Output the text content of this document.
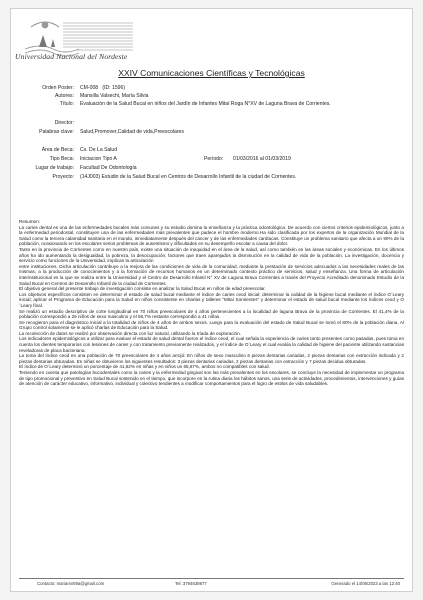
Universidad Nacional del Nordeste
XXIV Comunicaciones Científicas y Tecnológicas
Orden Poster: CM-008 (ID: 1596)
Autores: Mansilla Valsechi, María Silvia
Título: Evaluación de la Salud Bucal en niños del Jardín de Infantes Mitaí Roga N°XV de Laguna Brava de Corrientes.
Director:
Palabras clave: Salud,Promover,Calidad de vida,Preescolares
Área de Beca: Cs. De La Salud
Tipo Beca: Iniciacion Tipo A	Período: 01/03/2016 al 01/03/2019
Lugar de trabajo: Facultad De Odontología
Proyecto: (14J003) Estudio de la Salud Bucal en Centros de Desarrollo Infantil de la ciudad de Corrientes.

Resumen:

La caries dental es una de las enfermedades bucales más comunes y su estudio domina la enseñanza y la práctica odontológica. De acuerdo con ciertos criterios epidemiológicos, junto a la enfermedad periodontal, constituyen una de las enfermedades más prevalentes que padece el hombre moderno.Ha sido clasificada por los expertos de la organización Mundial de la Salud como la tercera calamidad sanitaria en el mundo, inmediatamente después del cáncer y de las enfermedades cardíacas. Constituye un problema sanitario que afecta a un 90% de la población, ocasionando en los escolares serios problemas de ausentismo y dificultades en su desempeño escolar a causa del dolor.

Tanto en la provincia de Corrientes como en nuestro país, existe una situación de inequidad en el área de la salud, así como también en las áreas sociales y económicas. En los últimos años ha ido aumentando la desigualdad, la pobreza, la desocupación, factores que traen aparejados la disminución en la calidad de vida de la población. La investigación, docencia y servicio como funciones de la Universidad, implican la articulación

entre instituciones. Dicha articulación contribuye a la mejora de las condiciones de vida de la comunidad, mediante la prestación de servicios adecuados a las necesidades reales de las mismas, a la producción de conocimientos y a la formación de recursos humanos en un determinado contexto práctico de servicios, salud y enseñanza. Una forma de articulación interinstitucional es la que se realiza entre la Universidad y el Centro de Desarrollo Infantil N° XV de Laguna Brava Corrientes a través del Proyecto Acreditado denominado Estudio de la Salud Bucal en Centros de Desarrollo Infantil de la ciudad de Corrientes.

El objetivo general del presente trabajo de investigación consiste en analizar la Salud Bucal en niños de edad preescolar.

Los objetivos específicos consisten en determinar el estado de salud bucal mediante el índice de caries ceod inicial; determinar la calidad de la higiene bucal mediante el índice O´Leary inicial; aplicar el Programa de Educación para la Salud en niños consistente en charlas y talleres "Mitaí Sonrientes" y determinar el estado de salud bucal mediante los índices ceod y O´Leary final.

Se realizó un estudio descriptivo de corte longitudinal en 70 niños preescolares de 4 años pertenecientes a la localidad de laguna Brava de la provincia de Corrientes. El 41,4% de la población correspondió a 29 niños de sexo masculino y el 58,7% restante correspondió a 41 niñas.

Se recogieron para el diagnóstico inicial a la totalidad de niños de 4 años de ambos sexos. Luego para la evaluación del estado de Salud Bucal se tomó el 80% de la población diana. Al Grupo control solamente se le aplicó charlas de Educación para la Salud.

La recolección de datos se realizó por observación directa con luz natural, utilizando la tríada de exploración.

Los indicadores epidemiológicos a utilizar para evaluar el estado de salud dental fueron el índice ceod, el cual señala la experiencia de caries tanto presentes como pasadas, pues toma en cuenta los dientes temporarios con lesiones de caries y con tratamiento previamente realizados, y el índice de O´Leary el cual evalúa la calidad de higiene del paciente utilizando sustancias reveladoras de placa bacteriana.

La toma del índice ceod en una población de 70 preescolares de 4 años arrojó: En niños de sexo masculino 6 piezas dentarias cariadas, 2 piezas dentarias con extracción indicada y 2 piezas dentarias obturadas. En niñas se obtuvieron los siguientes resultados: 3 piezas dentarias cariadas, 2 piezas dentarias con extracción y 7 piezas decidua obturadas.

El índice de O´Leary determinó un porcentaje de 41,62% en niñas y en niños un 65,67%, ambos no compatibles con salud.

Teniendo en cuenta que patologías bucodentales como la caries y la enfermedad gingival son las más prevalentes en los escolares, se concluye la necesidad de implementar un programa de tipo promocional y preventivo en Salud Bucal sostenido en el tiempo, que incorpore en la rutina diaria los hábitos sanos, una serie de actividades, procedimientos, intervenciones y guías de atención de carácter educativo, informativo, individual y colectivo tendientes a modificar comportamientos para el logro de estilos de vida saludables.

Contacto: mariamv09a@gmail.com	Tel: 3794638977	Generado el 14/06/2023 a las 12:40
